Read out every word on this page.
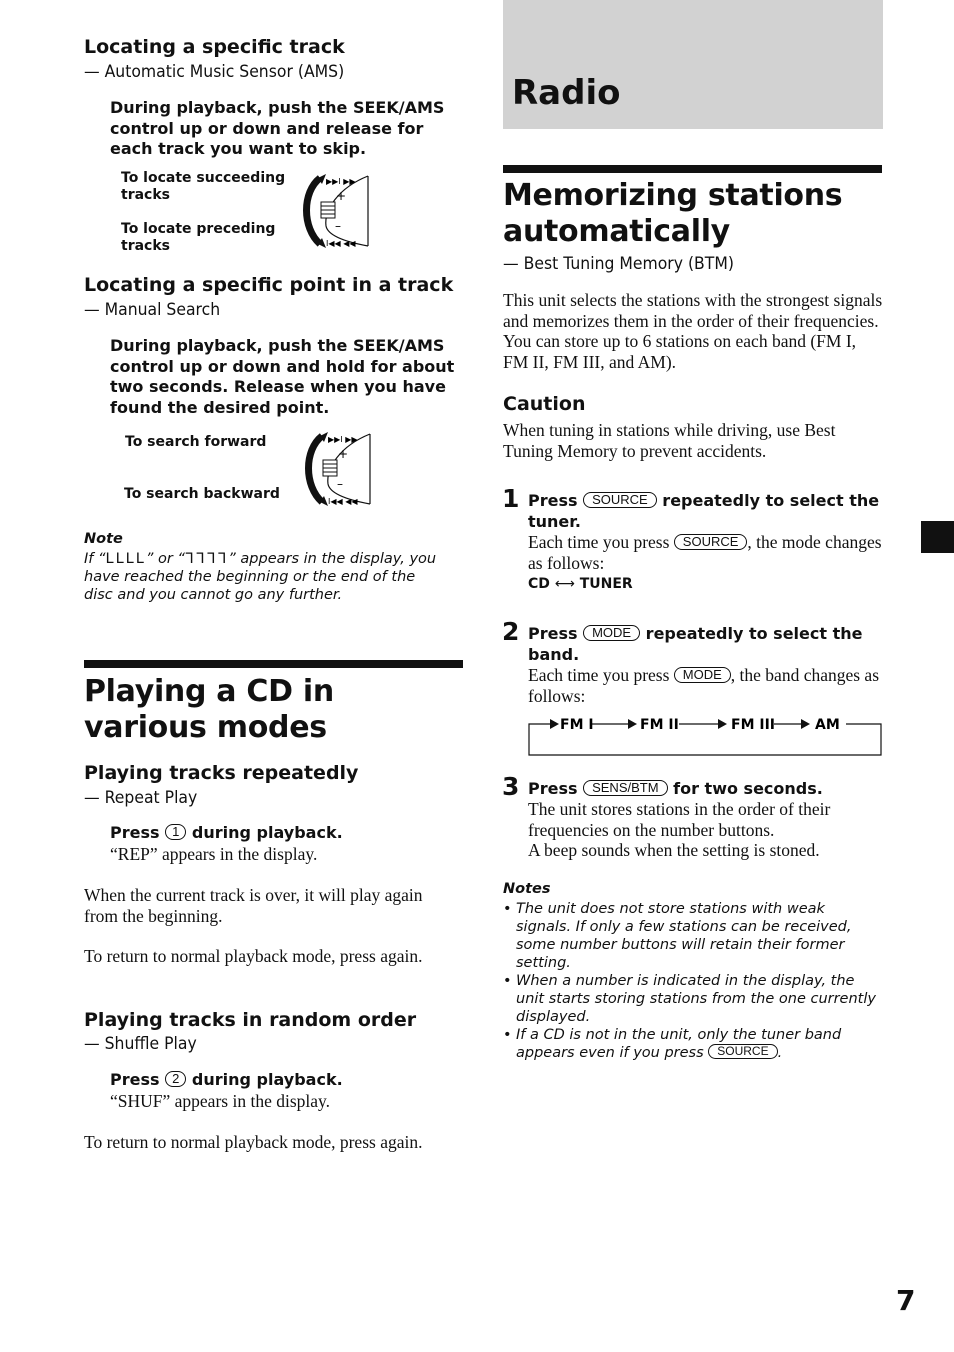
Locating a specific track
— Automatic Music Sensor (AMS)
During playback, push the SEEK/AMS control up or down and release for each track you want to skip.
To locate succeeding tracks
To locate preceding tracks
+
–
▶▶I ▶▶
I◀◀ ◀◀
Locating a specific point in a track
— Manual Search
During playback, push the SEEK/AMS control up or down and hold for about two seconds. Release when you have found the desired point.
To search forward
To search backward
+
–
▶▶I ▶▶
I◀◀ ◀◀
Note
If “ᒪᒪᒪᒪ” or “ᒣᒣᒣᒣ” appears in the display, you have reached the beginning or the end of the disc and you cannot go any further.
Playing a CD in various modes
Playing tracks repeatedly
— Repeat Play
Press 1 during playback.
“REP” appears in the display.
When the current track is over, it will play again from the beginning.
To return to normal playback mode, press again.
Playing tracks in random order
— Shuffle Play
Press 2 during playback.
“SHUF” appears in the display.
To return to normal playback mode, press again.
Radio
Memorizing stations automatically
— Best Tuning Memory (BTM)
This unit selects the stations with the strongest signals and memorizes them in the order of their frequencies. You can store up to 6 stations on each band (FM I, FM II, FM III, and AM).
Caution
When tuning in stations while driving, use Best Tuning Memory to prevent accidents.
1 Press SOURCE repeatedly to select the tuner.
Each time you press SOURCE , the mode changes as follows:
CD ⟷ TUNER
2 Press MODE repeatedly to select the band.
Each time you press MODE , the band changes as follows:
FM I	FM II	FM III	AM
3 Press SENS/BTM for two seconds.
The unit stores stations in the order of their frequencies on the number buttons.
A beep sounds when the setting is stoned.
Notes
• The unit does not store stations with weak signals. If only a few stations can be received, some number buttons will retain their former setting.
• When a number is indicated in the display, the unit starts storing stations from the one currently displayed.
• If a CD is not in the unit, only the tuner band appears even if you press SOURCE .
7
